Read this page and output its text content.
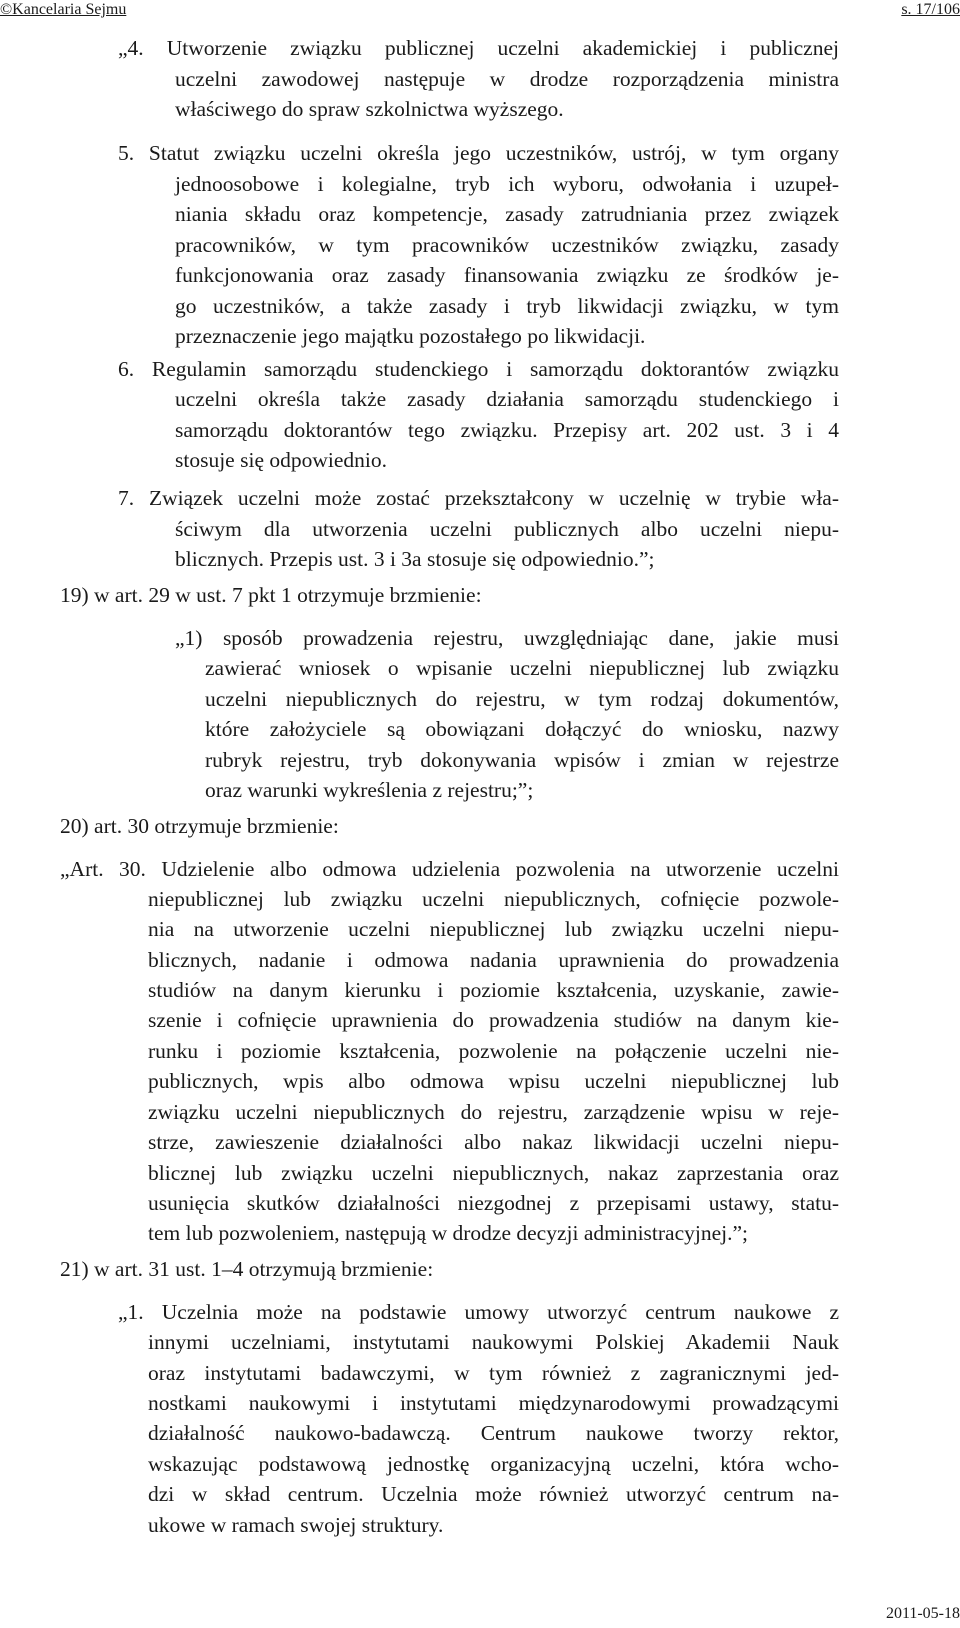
©Kancelaria Sejmu	s. 17/106
„4. Utworzenie związku publicznej uczelni akademickiej i publicznej
uczelni zawodowej następuje w drodze rozporządzenia ministra
właściwego do spraw szkolnictwa wyższego.
5. Statut związku uczelni określa jego uczestników, ustrój, w tym organy
jednoosobowe i kolegialne, tryb ich wyboru, odwołania i uzupeł-
niania składu oraz kompetencje, zasady zatrudniania przez związek
pracowników, w tym pracowników uczestników związku, zasady
funkcjonowania oraz zasady finansowania związku ze środków je-
go uczestników, a także zasady i tryb likwidacji związku, w tym
przeznaczenie jego majątku pozostałego po likwidacji.
6. Regulamin samorządu studenckiego i samorządu doktorantów związku
uczelni określa także zasady działania samorządu studenckiego i
samorządu doktorantów tego związku. Przepisy art. 202 ust. 3 i 4
stosuje się odpowiednio.
7. Związek uczelni może zostać przekształcony w uczelnię w trybie wła-
ściwym dla utworzenia uczelni publicznych albo uczelni niepu-
blicznych. Przepis ust. 3 i 3a stosuje się odpowiednio.”;
19) w art. 29 w ust. 7 pkt 1 otrzymuje brzmienie:
„1) sposób prowadzenia rejestru, uwzględniając dane, jakie musi
zawierać wniosek o wpisanie uczelni niepublicznej lub związku
uczelni niepublicznych do rejestru, w tym rodzaj dokumentów,
które założyciele są obowiązani dołączyć do wniosku, nazwy
rubryk rejestru, tryb dokonywania wpisów i zmian w rejestrze
oraz warunki wykreślenia z rejestru;”;
20) art. 30 otrzymuje brzmienie:
„Art. 30. Udzielenie albo odmowa udzielenia pozwolenia na utworzenie uczelni
niepublicznej lub związku uczelni niepublicznych, cofnięcie pozwole-
nia na utworzenie uczelni niepublicznej lub związku uczelni niepu-
blicznych, nadanie i odmowa nadania uprawnienia do prowadzenia
studiów na danym kierunku i poziomie kształcenia, uzyskanie, zawie-
szenie i cofnięcie uprawnienia do prowadzenia studiów na danym kie-
runku i poziomie kształcenia, pozwolenie na połączenie uczelni nie-
publicznych, wpis albo odmowa wpisu uczelni niepublicznej lub
związku uczelni niepublicznych do rejestru, zarządzenie wpisu w reje-
strze, zawieszenie działalności albo nakaz likwidacji uczelni niepu-
blicznej lub związku uczelni niepublicznych, nakaz zaprzestania oraz
usunięcia skutków działalności niezgodnej z przepisami ustawy, statu-
tem lub pozwoleniem, następują w drodze decyzji administracyjnej.”;
21) w art. 31 ust. 1–4 otrzymują brzmienie:
„1. Uczelnia może na podstawie umowy utworzyć centrum naukowe z
innymi uczelniami, instytutami naukowymi Polskiej Akademii Nauk
oraz instytutami badawczymi, w tym również z zagranicznymi jed-
nostkami naukowymi i instytutami międzynarodowymi prowadzącymi
działalność naukowo-badawczą. Centrum naukowe tworzy rektor,
wskazując podstawową jednostkę organizacyjną uczelni, która wcho-
dzi w skład centrum. Uczelnia może również utworzyć centrum na-
ukowe w ramach swojej struktury.
2011-05-18
